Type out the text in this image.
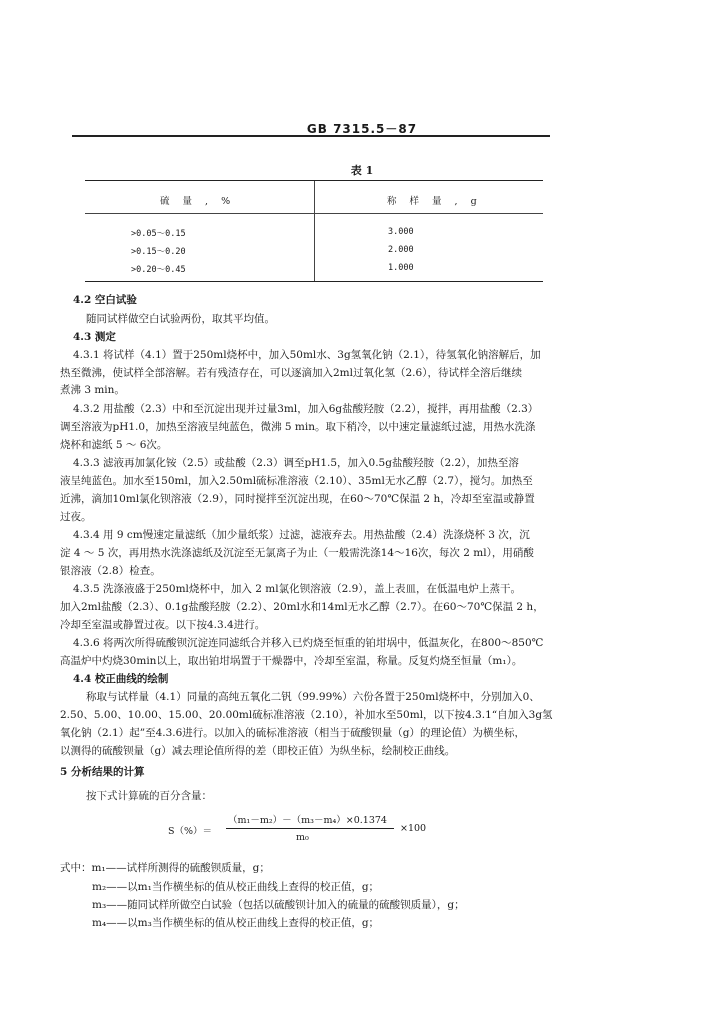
GB 7315.5－87
表 1
硫 量 , %	称 样 量 , g
>0.05～0.15	3.000
>0.15～0.20	2.000
>0.20～0.45	1.000
4.2 空白试验
随同试样做空白试验两份，取其平均值。
4.3 测定
4.3.1 将试样（4.1）置于250ml烧杯中，加入50ml水、3g氢氧化钠（2.1），待氢氧化钠溶解后，加
热至微沸，使试样全部溶解。若有残渣存在，可以逐滴加入2ml过氧化氢（2.6），待试样全溶后继续
煮沸 3 min。
4.3.2 用盐酸（2.3）中和至沉淀出现并过量3ml，加入6g盐酸羟胺（2.2），搅拌，再用盐酸（2.3）
调至溶液为pH1.0，加热至溶液呈纯蓝色，微沸 5 min。取下稍冷，以中速定量滤纸过滤，用热水洗涤
烧杯和滤纸 5 ～ 6次。
4.3.3 滤液再加氯化铵（2.5）或盐酸（2.3）调至pH1.5，加入0.5g盐酸羟胺（2.2），加热至溶
液呈纯蓝色。加水至150ml，加入2.50ml硫标准溶液（2.10）、35ml无水乙醇（2.7），搅匀。加热至
近沸，滴加10ml氯化钡溶液（2.9），同时搅拌至沉淀出现，在60～70℃保温 2 h，冷却至室温或静置
过夜。
4.3.4 用 9 cm慢速定量滤纸（加少量纸浆）过滤，滤液弃去。用热盐酸（2.4）洗涤烧杯 3 次，沉
淀 4 ～ 5 次，再用热水洗涤滤纸及沉淀至无氯离子为止（一般需洗涤14～16次，每次 2 ml），用硝酸
银溶液（2.8）检查。
4.3.5 洗涤液盛于250ml烧杯中，加入 2 ml氯化钡溶液（2.9），盖上表皿，在低温电炉上蒸干。
加入2ml盐酸（2.3）、0.1g盐酸羟胺（2.2）、20ml水和14ml无水乙醇（2.7）。在60～70℃保温 2 h，
冷却至室温或静置过夜。以下按4.3.4进行。
4.3.6 将两次所得硫酸钡沉淀连同滤纸合并移入已灼烧至恒重的铂坩埚中，低温灰化，在800～850℃
高温炉中灼烧30min以上，取出铂坩埚置于干燥器中，冷却至室温，称量。反复灼烧至恒量（m₁）。
4.4 校正曲线的绘制
称取与试样量（4.1）同量的高纯五氧化二钒（99.99%）六份各置于250ml烧杯中，分别加入0、
2.50、5.00、10.00、15.00、20.00ml硫标准溶液（2.10），补加水至50ml，以下按4.3.1“自加入3g氢
氧化钠（2.1）起”至4.3.6进行。以加入的硫标准溶液（相当于硫酸钡量（g）的理论值）为横坐标，
以测得的硫酸钡量（g）减去理论值所得的差（即校正值）为纵坐标，绘制校正曲线。
5 分析结果的计算
按下式计算硫的百分含量：
S（%）＝
（m₁－m₂）－（m₃－m₄）×0.1374
m₀
×100
式中：m₁——试样所测得的硫酸钡质量，g；
m₂——以m₁当作横坐标的值从校正曲线上查得的校正值，g；
m₃——随同试样所做空白试验（包括以硫酸钡计加入的硫量的硫酸钡质量），g；
m₄——以m₃当作横坐标的值从校正曲线上查得的校正值，g；
